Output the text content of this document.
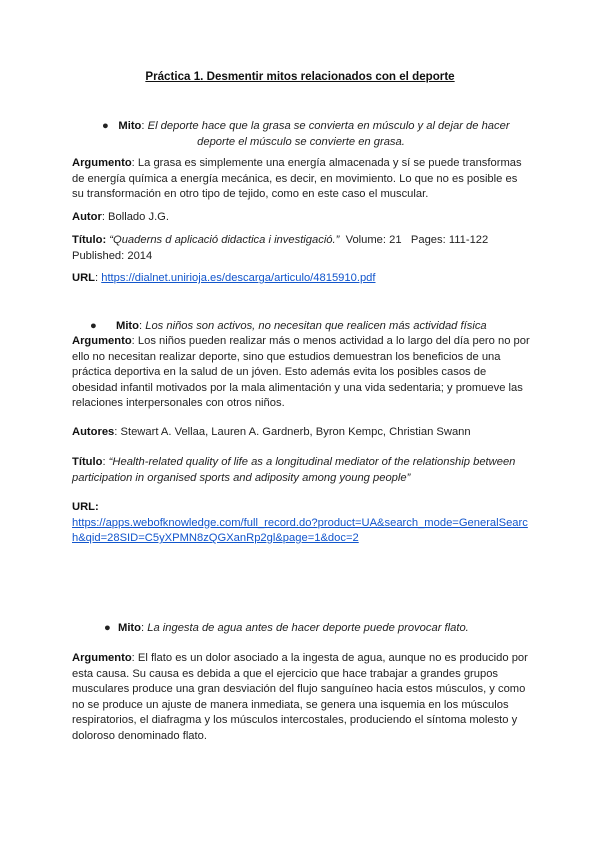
Práctica 1. Desmentir mitos relacionados con el deporte
● Mito: El deporte hace que la grasa se convierta en músculo y al dejar de hacer
deporte el músculo se convierte en grasa.
Argumento: La grasa es simplemente una energía almacenada y sí se puede transformas de energía química a energía mecánica, es decir, en movimiento. Lo que no es posible es su transformación en otro tipo de tejido, como en este caso el muscular.
Autor: Bollado J.G.
Título: “Quaderns d aplicació didactica i investigació.” Volume: 21 Pages: 111-122
Published: 2014
URL: https://dialnet.unirioja.es/descarga/articulo/4815910.pdf
● Mito: Los niños son activos, no necesitan que realicen más actividad física
Argumento: Los niños pueden realizar más o menos actividad a lo largo del día pero no por ello no necesitan realizar deporte, sino que estudios demuestran los beneficios de una práctica deportiva en la salud de un jóven. Esto además evita los posibles casos de obesidad infantil motivados por la mala alimentación y una vida sedentaria; y promueve las relaciones interpersonales con otros niños.
Autores: Stewart A. Vellaa, Lauren A. Gardnerb, Byron Kempc, Christian Swann
Título: “Health-related quality of life as a longitudinal mediator of the relationship between participation in organised sports and adiposity among young people”
URL:
https://apps.webofknowledge.com/full_record.do?product=UA&search_mode=GeneralSearch&qid=28SID=C5yXPMN8zQGXanRp2gl&page=1&doc=2
● Mito: La ingesta de agua antes de hacer deporte puede provocar flato.
Argumento: El flato es un dolor asociado a la ingesta de agua, aunque no es producido por esta causa. Su causa es debida a que el ejercicio que hace trabajar a grandes grupos musculares produce una gran desviación del flujo sanguíneo hacia estos músculos, y como no se produce un ajuste de manera inmediata, se genera una isquemia en los músculos respiratorios, el diafragma y los músculos intercostales, produciendo el síntoma molesto y doloroso denominado flato.
